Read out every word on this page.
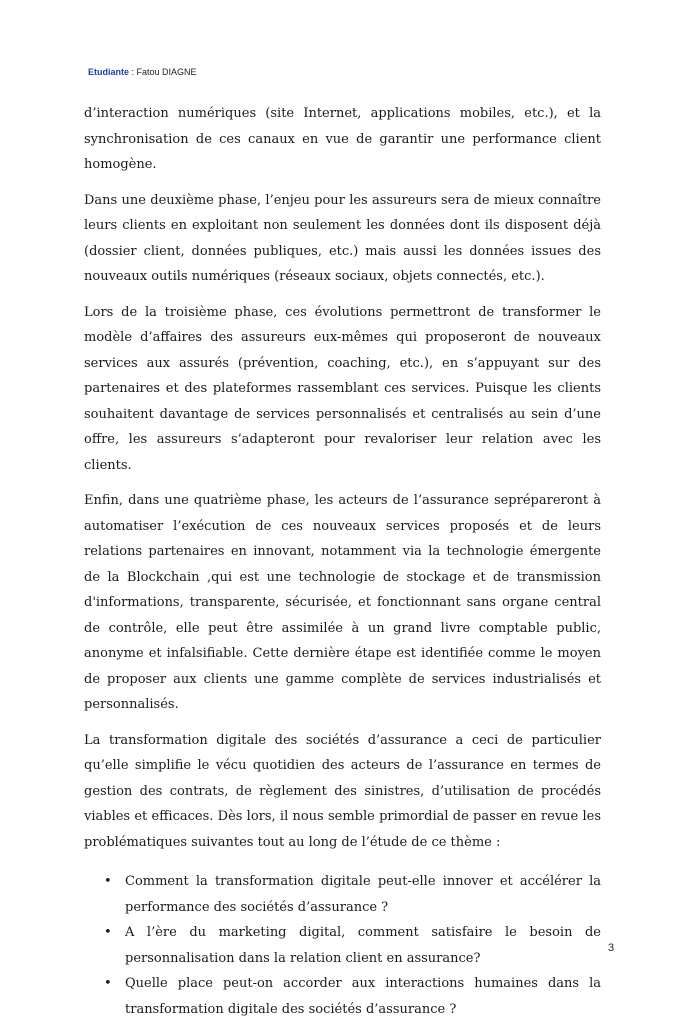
Etudiante : Fatou DIAGNE

d’interaction numériques (site Internet, applications mobiles, etc.), et la synchronisation de ces canaux en vue de garantir une performance client homogène.

Dans une deuxième phase, l’enjeu pour les assureurs sera de mieux connaître leurs clients en exploitant non seulement les données dont ils disposent déjà (dossier client, données publiques, etc.) mais aussi les données issues des nouveaux outils numériques (réseaux sociaux, objets connectés, etc.).

Lors de la troisième phase, ces évolutions permettront de transformer le modèle d’affaires des assureurs eux-mêmes qui proposeront de nouveaux services aux assurés (prévention, coaching, etc.), en s’appuyant sur des partenaires et des plateformes rassemblant ces services. Puisque les clients souhaitent davantage de services personnalisés et centralisés au sein d’une offre, les assureurs s’adapteront pour revaloriser leur relation avec les clients.

Enfin, dans une quatrième phase, les acteurs de l’assurance seprépareront à automatiser l’exécution de ces nouveaux services proposés et de leurs relations partenaires en innovant, notamment via la technologie émergente de la Blockchain ,qui est une technologie de stockage et de transmission d'informations, transparente, sécurisée, et fonctionnant sans organe central de contrôle, elle peut être assimilée à un grand livre comptable public, anonyme et infalsifiable. Cette dernière étape est identifiée comme le moyen de proposer aux clients une gamme complète de services industrialisés et personnalisés.

La transformation digitale des sociétés d’assurance a ceci de particulier qu’elle simplifie le vécu quotidien des acteurs de l’assurance en termes de gestion des contrats, de règlement des sinistres, d’utilisation de procédés viables et efficaces. Dès lors, il nous semble primordial de passer en revue les problématiques suivantes tout au long de l’étude de ce thème :

• Comment la transformation digitale peut-elle innover et accélérer la performance des sociétés d’assurance ?
• A l’ère du marketing digital, comment satisfaire le besoin de personnalisation dans la relation client en assurance?
• Quelle place peut-on accorder aux interactions humaines dans la transformation digitale des sociétés d’assurance ?
3
